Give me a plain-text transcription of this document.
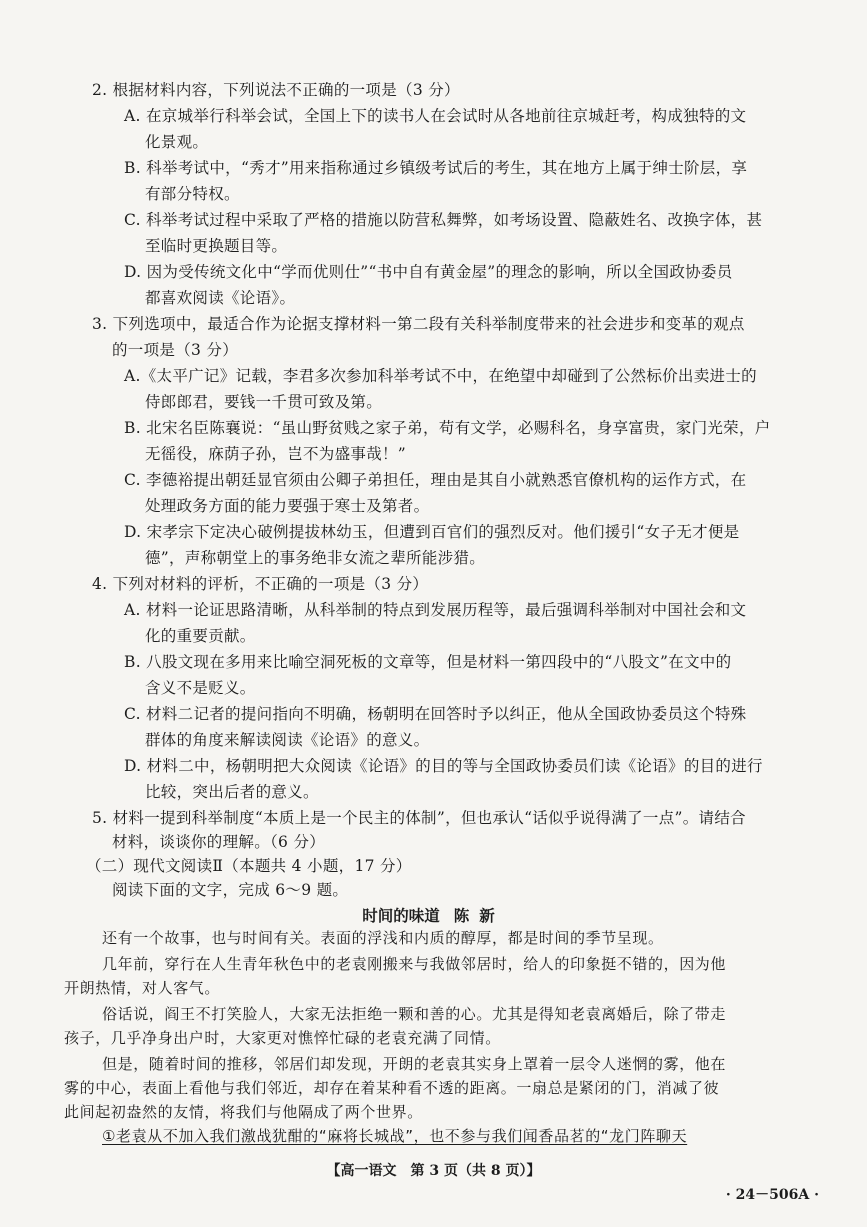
2. 根据材料内容，下列说法不正确的一项是（3 分）
A. 在京城举行科举会试，全国上下的读书人在会试时从各地前往京城赶考，构成独特的文
化景观。
B. 科举考试中，“秀才”用来指称通过乡镇级考试后的考生，其在地方上属于绅士阶层，享
有部分特权。
C. 科举考试过程中采取了严格的措施以防营私舞弊，如考场设置、隐蔽姓名、改换字体，甚
至临时更换题目等。
D. 因为受传统文化中“学而优则仕”“书中自有黄金屋”的理念的影响，所以全国政协委员
都喜欢阅读《论语》。
3. 下列选项中，最适合作为论据支撑材料一第二段有关科举制度带来的社会进步和变革的观点
的一项是（3 分）
A.《太平广记》记载，李君多次参加科举考试不中，在绝望中却碰到了公然标价出卖进士的
侍郎郎君，要钱一千贯可致及第。
B. 北宋名臣陈襄说：“虽山野贫贱之家子弟，苟有文学，必赐科名，身享富贵，家门光荣，户
无徭役，庥荫子孙，岂不为盛事哉！”
C. 李德裕提出朝廷显官须由公卿子弟担任，理由是其自小就熟悉官僚机构的运作方式，在
处理政务方面的能力要强于寒士及第者。
D. 宋孝宗下定决心破例提拔林幼玉，但遭到百官们的强烈反对。他们援引“女子无才便是
德”，声称朝堂上的事务绝非女流之辈所能涉猎。
4. 下列对材料的评析，不正确的一项是（3 分）
A. 材料一论证思路清晰，从科举制的特点到发展历程等，最后强调科举制对中国社会和文
化的重要贡献。
B. 八股文现在多用来比喻空洞死板的文章等，但是材料一第四段中的“八股文”在文中的
含义不是贬义。
C. 材料二记者的提问指向不明确，杨朝明在回答时予以纠正，他从全国政协委员这个特殊
群体的角度来解读阅读《论语》的意义。
D. 材料二中，杨朝明把大众阅读《论语》的目的等与全国政协委员们读《论语》的目的进行
比较，突出后者的意义。
5. 材料一提到科举制度“本质上是一个民主的体制”，但也承认“话似乎说得满了一点”。请结合
材料，谈谈你的理解。（6 分）
（二）现代文阅读Ⅱ（本题共 4 小题，17 分）
阅读下面的文字，完成 6～9 题。
时间的味道 陈新
还有一个故事，也与时间有关。表面的浮浅和内质的醇厚，都是时间的季节呈现。
几年前，穿行在人生青年秋色中的老袁刚搬来与我做邻居时，给人的印象挺不错的，因为他
开朗热情，对人客气。
俗话说，阎王不打笑脸人，大家无法拒绝一颗和善的心。尤其是得知老袁离婚后，除了带走
孩子，几乎净身出户时，大家更对憔悴忙碌的老袁充满了同情。
但是，随着时间的推移，邻居们却发现，开朗的老袁其实身上罩着一层令人迷惘的雾，他在
雾的中心，表面上看他与我们邻近，却存在着某种看不透的距离。一扇总是紧闭的门，消减了彼
此间起初盎然的友情，将我们与他隔成了两个世界。
①老袁从不加入我们激战犹酣的“麻将长城战”，也不参与我们闻香品茗的“龙门阵聊天
【高一语文　第 3 页（共 8 页）】
· 24－506A ·
